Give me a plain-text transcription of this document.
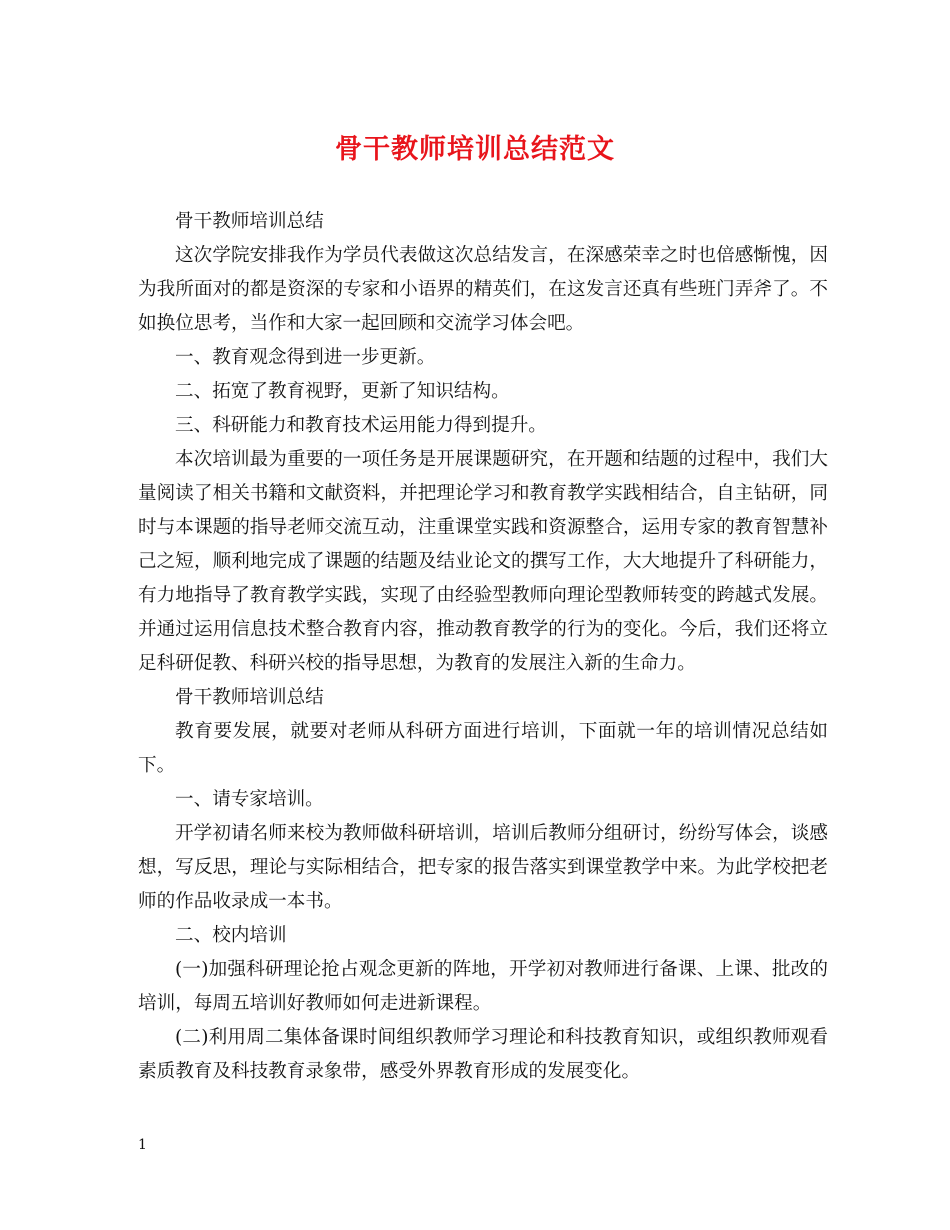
骨干教师培训总结范文

骨干教师培训总结

这次学院安排我作为学员代表做这次总结发言，在深感荣幸之时也倍感惭愧，因为我所面对的都是资深的专家和小语界的精英们，在这发言还真有些班门弄斧了。不如换位思考，当作和大家一起回顾和交流学习体会吧。

一、教育观念得到进一步更新。

二、拓宽了教育视野，更新了知识结构。

三、科研能力和教育技术运用能力得到提升。

本次培训最为重要的一项任务是开展课题研究，在开题和结题的过程中，我们大量阅读了相关书籍和文献资料，并把理论学习和教育教学实践相结合，自主钻研，同时与本课题的指导老师交流互动，注重课堂实践和资源整合，运用专家的教育智慧补己之短，顺利地完成了课题的结题及结业论文的撰写工作，大大地提升了科研能力，有力地指导了教育教学实践，实现了由经验型教师向理论型教师转变的跨越式发展。并通过运用信息技术整合教育内容，推动教育教学的行为的变化。今后，我们还将立足科研促教、科研兴校的指导思想，为教育的发展注入新的生命力。

骨干教师培训总结

教育要发展，就要对老师从科研方面进行培训，下面就一年的培训情况总结如下。

一、请专家培训。

开学初请名师来校为教师做科研培训，培训后教师分组研讨，纷纷写体会，谈感想，写反思，理论与实际相结合，把专家的报告落实到课堂教学中来。为此学校把老师的作品收录成一本书。

二、校内培训

(一)加强科研理论抢占观念更新的阵地，开学初对教师进行备课、上课、批改的培训，每周五培训好教师如何走进新课程。

(二)利用周二集体备课时间组织教师学习理论和科技教育知识，或组织教师观看素质教育及科技教育录象带，感受外界教育形成的发展变化。

1
